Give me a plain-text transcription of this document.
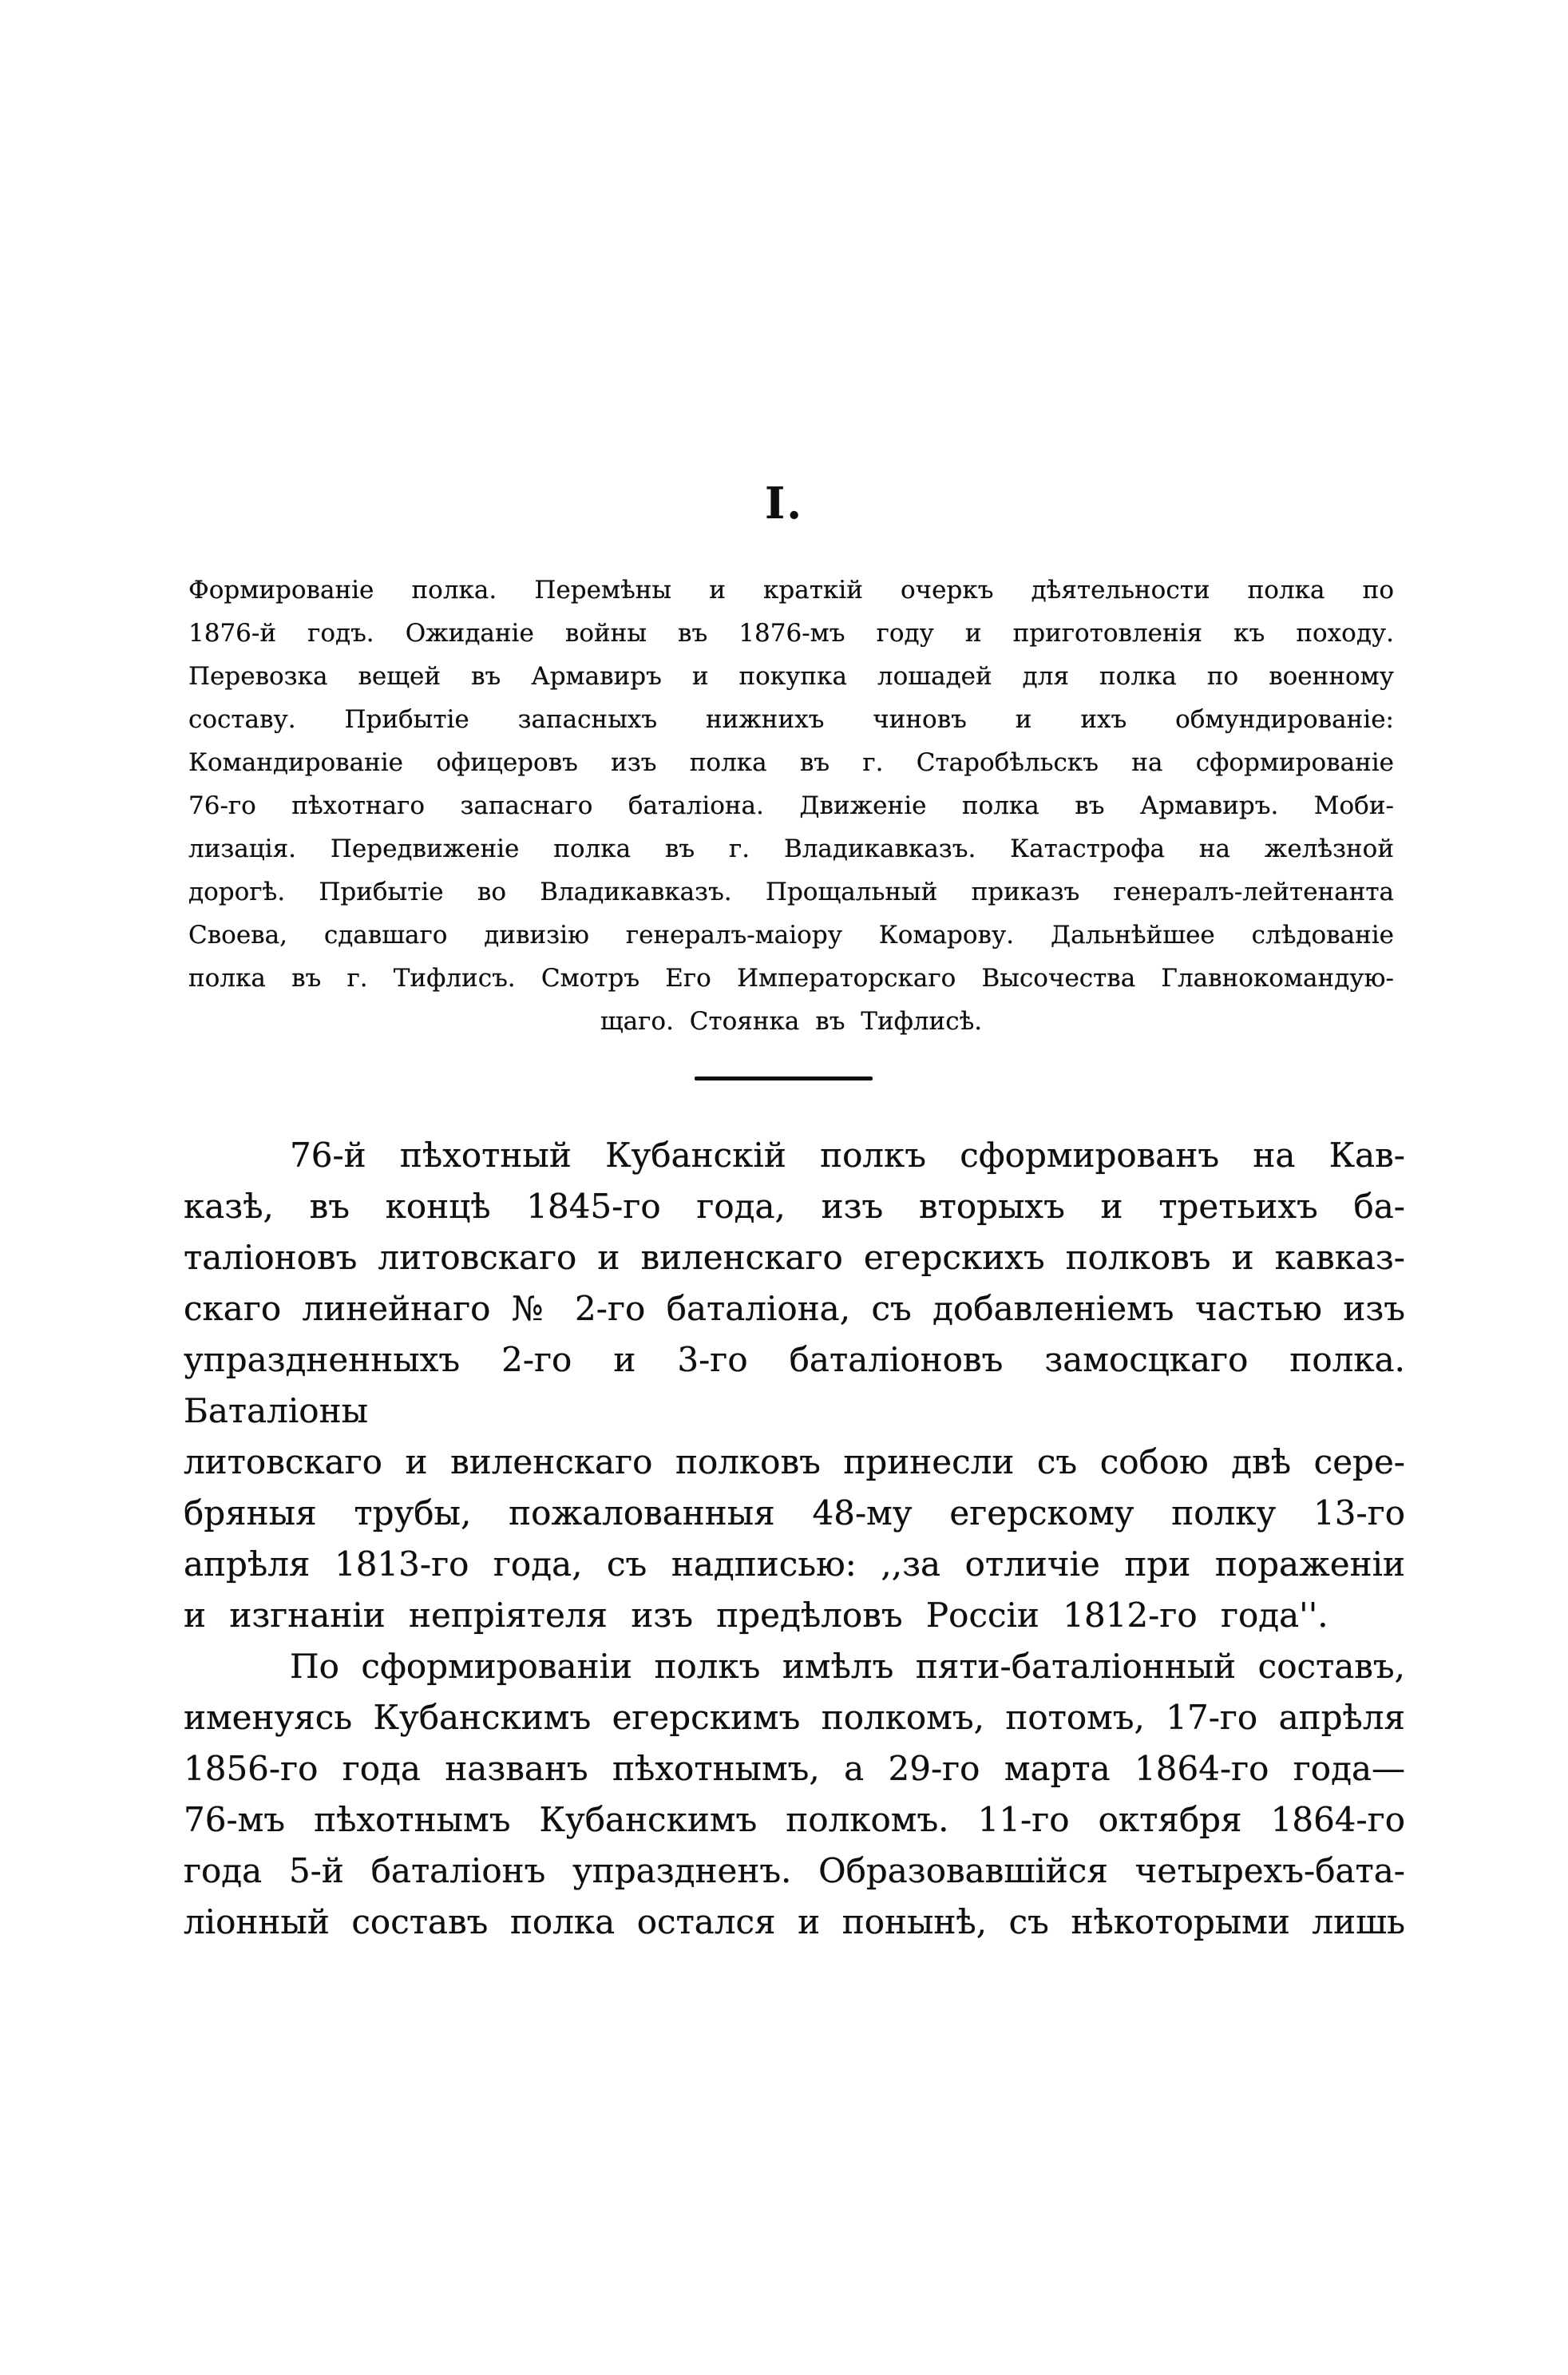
I.
Формированіе полка. Перемѣны и краткій очеркъ дѣятельности полка по
1876-й годъ. Ожиданіе войны въ 1876-мъ году и приготовленія къ походу.
Перевозка вещей въ Армавиръ и покупка лошадей для полка по военному
составу. Прибытіе запасныхъ нижнихъ чиновъ и ихъ обмундированіе:
Командированіе офицеровъ изъ полка въ г. Старобѣльскъ на сформированіе
76-го пѣхотнаго запаснаго баталіона. Движеніе полка въ Армавиръ. Моби-
лизація. Передвиженіе полка въ г. Владикавказъ. Катастрофа на желѣзной
дорогѣ. Прибытіе во Владикавказъ. Прощальный приказъ генералъ-лейтенанта
Своева, сдавшаго дивизію генералъ-маіору Комарову. Дальнѣйшее слѣдованіе
полка въ г. Тифлисъ. Смотръ Его Императорскаго Высочества Главнокомандую-
щаго. Стоянка въ Тифлисѣ.
76-й пѣхотный Кубанскій полкъ сформированъ на Кав-
казѣ, въ концѣ 1845-го года, изъ вторыхъ и третьихъ ба-
таліоновъ литовскаго и виленскаго егерскихъ полковъ и кавказ-
скаго линейнаго № 2-го баталіона, съ добавленіемъ частью изъ
упраздненныхъ 2-го и 3-го баталіоновъ замосцкаго полка. Баталіоны
литовскаго и виленскаго полковъ принесли съ собою двѣ сере-
бряныя трубы, пожалованныя 48-му егерскому полку 13-го
апрѣля 1813-го года, съ надписью: ,,за отличіе при пораженіи
и изгнаніи непріятеля изъ предѣловъ Россіи 1812-го года''.
По сформированіи полкъ имѣлъ пяти-баталіонный составъ,
именуясь Кубанскимъ егерскимъ полкомъ, потомъ, 17-го апрѣля
1856-го года названъ пѣхотнымъ, а 29-го марта 1864-го года—
76-мъ пѣхотнымъ Кубанскимъ полкомъ. 11-го октября 1864-го
года 5-й баталіонъ упраздненъ. Образовавшійся четырехъ-бата-
ліонный составъ полка остался и понынѣ, съ нѣкоторыми лишь
